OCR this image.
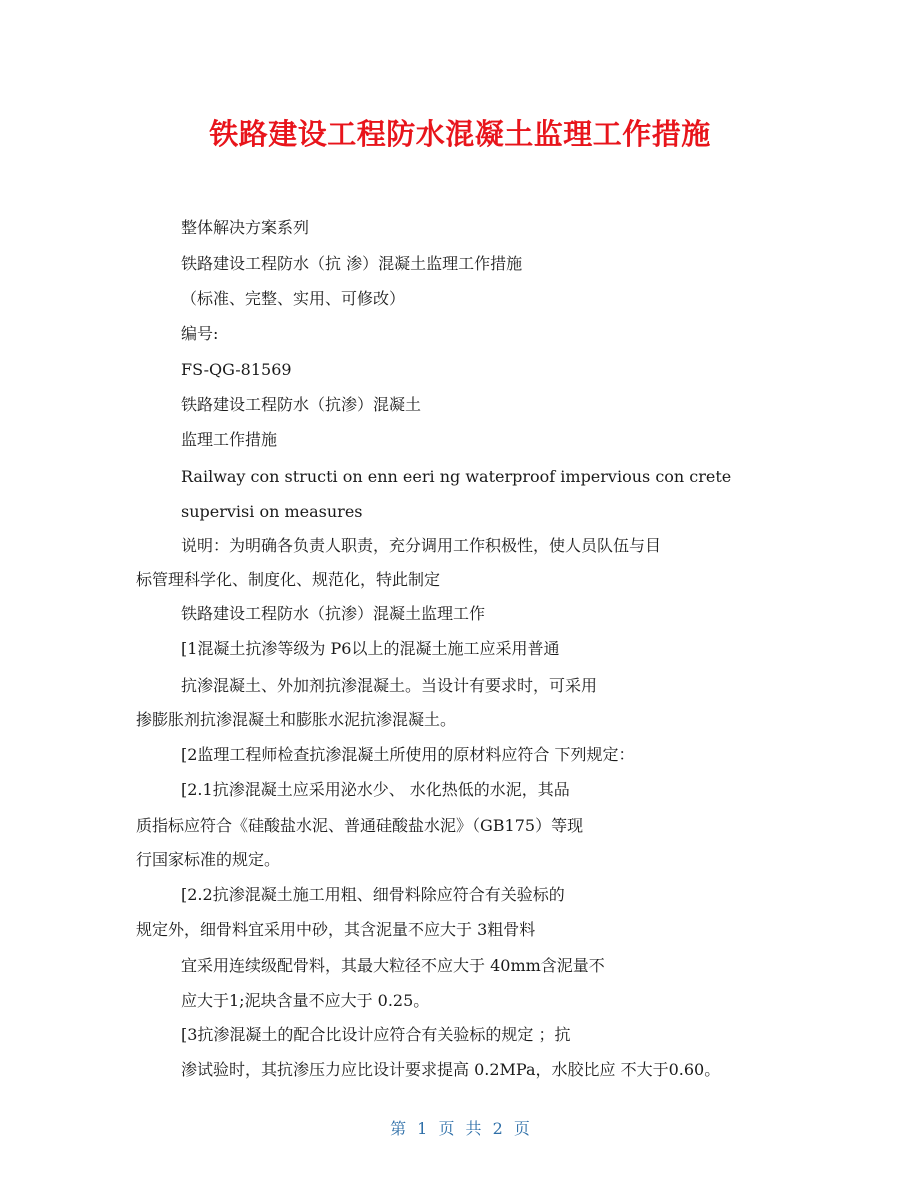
铁路建设工程防水混凝土监理工作措施
整体解决方案系列
铁路建设工程防水（抗 渗）混凝土监理工作措施
（标准、完整、实用、可修改）
编号:
FS-QG-81569
铁路建设工程防水（抗渗）混凝土
监理工作措施
Railway con structi on enn eeri ng waterproof impervious con crete
supervisi on measures
说明：为明确各负责人职责，充分调用工作积极性，使人员队伍与目
标管理科学化、制度化、规范化，特此制定
铁路建设工程防水（抗渗）混凝土监理工作
[1混凝土抗渗等级为 P6以上的混凝土施工应采用普通
抗渗混凝土、外加剂抗渗混凝土。当设计有要求时，可采用
掺膨胀剂抗渗混凝土和膨胀水泥抗渗混凝土。
[2监理工程师检查抗渗混凝土所使用的原材料应符合 下列规定：
[2.1抗渗混凝土应采用泌水少、 水化热低的水泥，其品
质指标应符合《硅酸盐水泥、普通硅酸盐水泥》（GB175）等现
行国家标准的规定。
[2.2抗渗混凝土施工用粗、细骨料除应符合有关验标的
规定外，细骨料宜采用中砂，其含泥量不应大于 3粗骨料
宜采用连续级配骨料，其最大粒径不应大于 40mm含泥量不
应大于1;泥块含量不应大于 0.25。
[3抗渗混凝土的配合比设计应符合有关验标的规定 ；抗
渗试验时，其抗渗压力应比设计要求提高 0.2MPa，水胶比应 不大于0.60。
第 1 页 共 2 页
